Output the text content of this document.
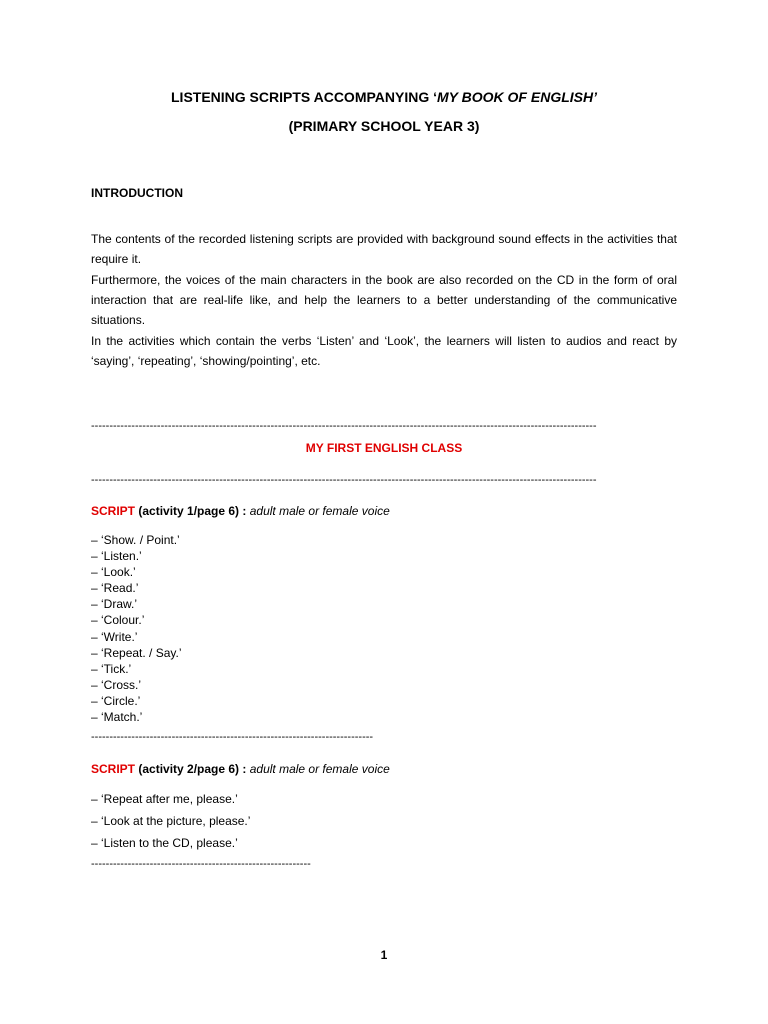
LISTENING SCRIPTS ACCOMPANYING ‘MY BOOK OF ENGLISH’
(PRIMARY SCHOOL YEAR 3)
INTRODUCTION
The contents of the recorded listening scripts are provided with background sound effects in the activities that require it.
Furthermore, the voices of the main characters in the book are also recorded on the CD in the form of oral interaction that are real-life like, and help the learners to a better understanding of the communicative situations.
In the activities which contain the verbs ‘Listen’ and ‘Look’, the learners will listen to audios and react by ‘saying’, ‘repeating’, ‘showing/pointing’, etc.
------------------------------------------------------------------------------------------------------------------------------------------
MY FIRST ENGLISH CLASS
------------------------------------------------------------------------------------------------------------------------------------------
SCRIPT (activity 1/page 6) : adult male or female voice
– ‘Show. / Point.’
– ‘Listen.’
– ‘Look.’
– ‘Read.’
– ‘Draw.’
– ‘Colour.’
– ‘Write.’
– ‘Repeat. / Say.’
– ‘Tick.’
– ‘Cross.’
– ‘Circle.’
– ‘Match.’
-----------------------------------------------------------------------------
SCRIPT (activity 2/page 6) : adult male or female voice
– ‘Repeat after me, please.’
– ‘Look at the picture, please.’
– ‘Listen to the CD, please.’
------------------------------------------------------------
1
